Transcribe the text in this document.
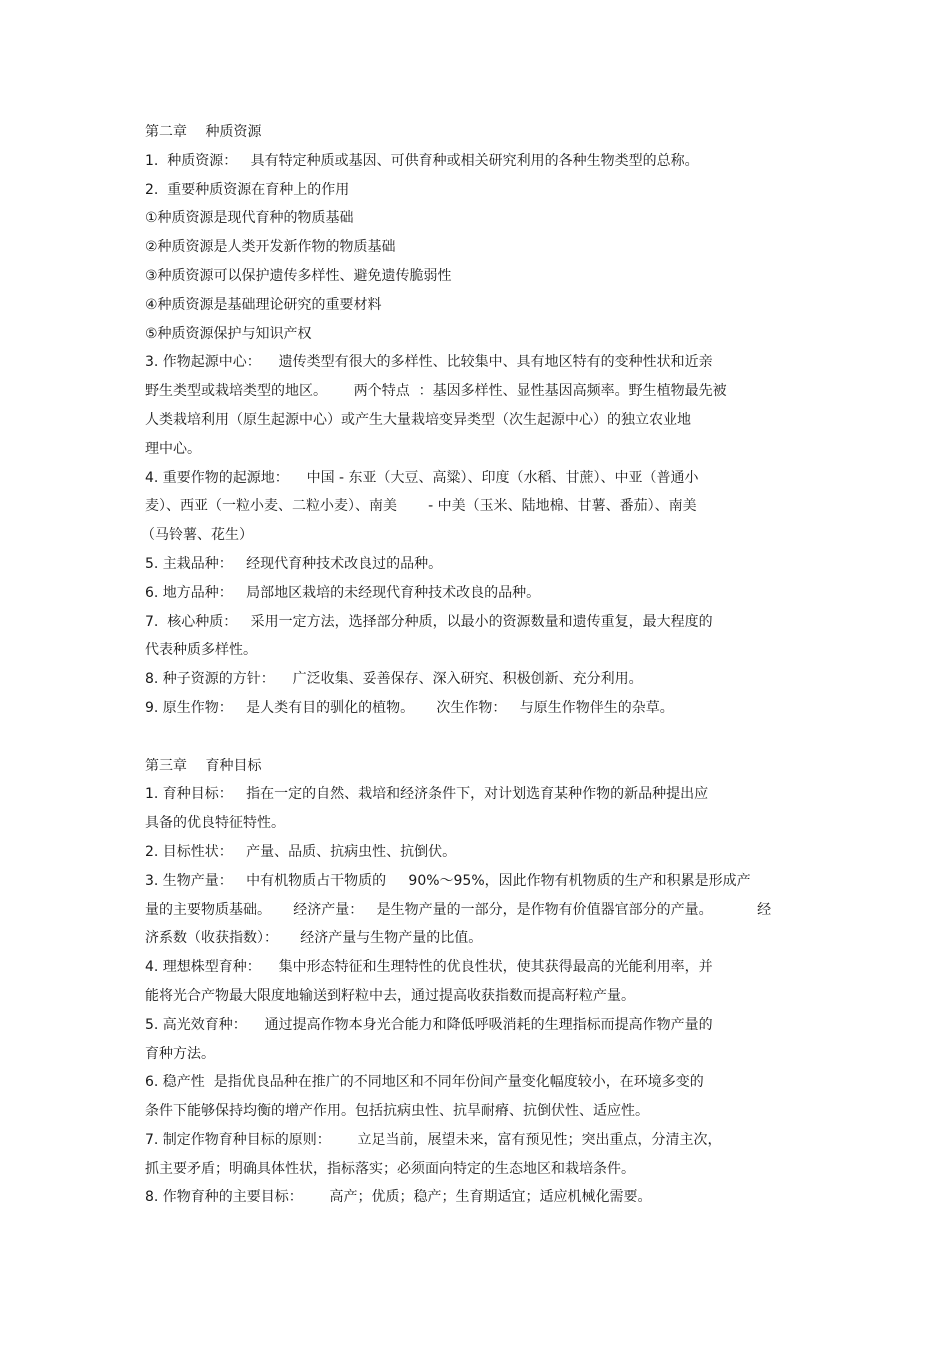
第二章　 种质资源
1.  种质资源：   具有特定种质或基因、可供育种或相关研究利用的各种生物类型的总称。
2.  重要种质资源在育种上的作用
①种质资源是现代育种的物质基础
②种质资源是人类开发新作物的物质基础
③种质资源可以保护遗传多样性、避免遗传脆弱性
④种质资源是基础理论研究的重要材料
⑤种质资源保护与知识产权
3. 作物起源中心：    遗传类型有很大的多样性、比较集中、具有地区特有的变种性状和近亲
野生类型或栽培类型的地区。      两个特点  ：基因多样性、显性基因高频率。野生植物最先被
人类栽培利用（原生起源中心）或产生大量栽培变异类型（次生起源中心）的独立农业地
理中心。
4. 重要作物的起源地：    中国 - 东亚（大豆、高粱）、印度（水稻、甘蔗）、中亚（普通小
麦）、西亚（一粒小麦、二粒小麦）、南美       - 中美（玉米、陆地棉、甘薯、番茄）、南美
（马铃薯、花生）
5. 主栽品种：   经现代育种技术改良过的品种。
6. 地方品种：   局部地区栽培的未经现代育种技术改良的品种。
7.  核心种质：   采用一定方法，选择部分种质，以最小的资源数量和遗传重复，最大程度的
代表种质多样性。
8. 种子资源的方针：    广泛收集、妥善保存、深入研究、积极创新、充分利用。
9. 原生作物：   是人类有目的驯化的植物。     次生作物：   与原生作物伴生的杂草。
第三章　 育种目标
1. 育种目标：   指在一定的自然、栽培和经济条件下，对计划选育某种作物的新品种提出应
具备的优良特征特性。
2. 目标性状：   产量、品质、抗病虫性、抗倒伏。
3. 生物产量：   中有机物质占干物质的     90%～95%，因此作物有机物质的生产和积累是形成产
量的主要物质基础。     经济产量：   是生物产量的一部分，是作物有价值器官部分的产量。          经
济系数（收获指数）：     经济产量与生物产量的比值。
4. 理想株型育种：    集中形态特征和生理特性的优良性状，使其获得最高的光能利用率，并
能将光合产物最大限度地输送到籽粒中去，通过提高收获指数而提高籽粒产量。
5. 高光效育种：    通过提高作物本身光合能力和降低呼吸消耗的生理指标而提高作物产量的
育种方法。
6. 稳产性  是指优良品种在推广的不同地区和不同年份间产量变化幅度较小，在环境多变的
条件下能够保持均衡的增产作用。包括抗病虫性、抗旱耐瘠、抗倒伏性、适应性。
7. 制定作物育种目标的原则：      立足当前，展望未来，富有预见性；突出重点，分清主次，
抓主要矛盾；明确具体性状，指标落实；必须面向特定的生态地区和栽培条件。
8. 作物育种的主要目标：      高产；优质；稳产；生育期适宜；适应机械化需要。
